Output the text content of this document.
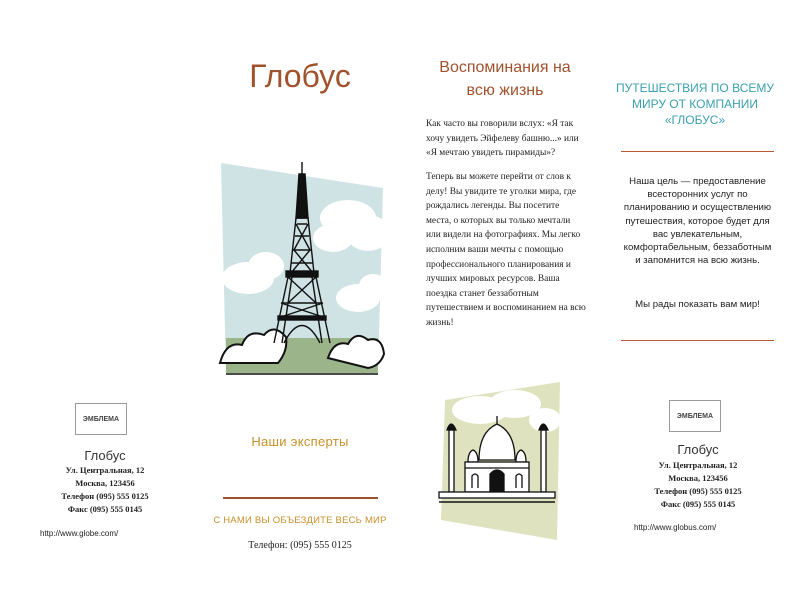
ЭМБЛЕМА
Глобус
Ул. Центральная, 12
Москва, 123456
Телефон (095) 555 0125
Факс (095) 555 0145
http://www.globe.com/
Глобус
Наши эксперты
С НАМИ ВЫ ОБЪЕЗДИТЕ ВЕСЬ МИР
Телефон: (095) 555 0125
Воспоминания на
всю жизнь
Как часто вы говорили вслух: «Я так хочу увидеть Эйфелеву башню...» или «Я мечтаю увидеть пирамиды»?
Теперь вы можете перейти от слов к делу! Вы увидите те уголки мира, где рождались легенды. Вы посетите места, о которых вы только мечтали или видели на фотографиях. Мы легко исполним ваши мечты с помощью профессионального планирования и лучших мировых ресурсов. Ваша поездка станет беззаботным путешествием и воспоминанием на всю жизнь!
ПУТЕШЕСТВИЯ ПО ВСЕМУ
МИРУ ОТ КОМПАНИИ
«ГЛОБУС»
Наша цель — предоставление всесторонних услуг по планированию и осуществлению путешествия, которое будет для вас увлекательным, комфортабельным, беззаботным и запомнится на всю жизнь.
Мы рады показать вам мир!
ЭМБЛЕМА
Глобус
Ул. Центральная, 12
Москва, 123456
Телефон (095) 555 0125
Факс (095) 555 0145
http://www.globus.com/
